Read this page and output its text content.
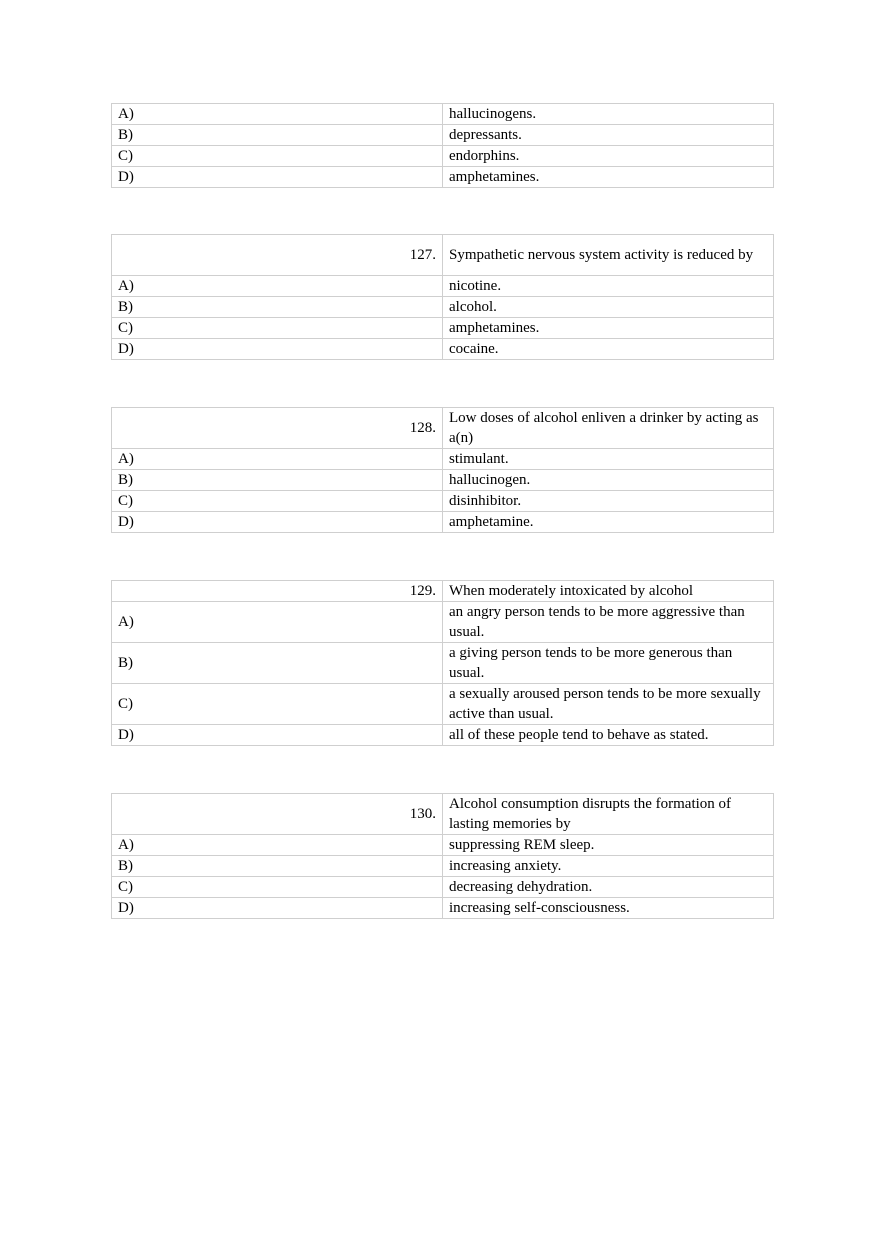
A)	hallucinogens.
B)	depressants.
C)	endorphins.
D)	amphetamines.
127.	Sympathetic nervous system activity is reduced by
A)	nicotine.
B)	alcohol.
C)	amphetamines.
D)	cocaine.
128.	Low doses of alcohol enliven a drinker by acting as a(n)
A)	stimulant.
B)	hallucinogen.
C)	disinhibitor.
D)	amphetamine.
129.	When moderately intoxicated by alcohol
A)	an angry person tends to be more aggressive than usual.
B)	a giving person tends to be more generous than usual.
C)	a sexually aroused person tends to be more sexually active than usual.
D)	all of these people tend to behave as stated.
130.	Alcohol consumption disrupts the formation of lasting memories by
A)	suppressing REM sleep.
B)	increasing anxiety.
C)	decreasing dehydration.
D)	increasing self-consciousness.
